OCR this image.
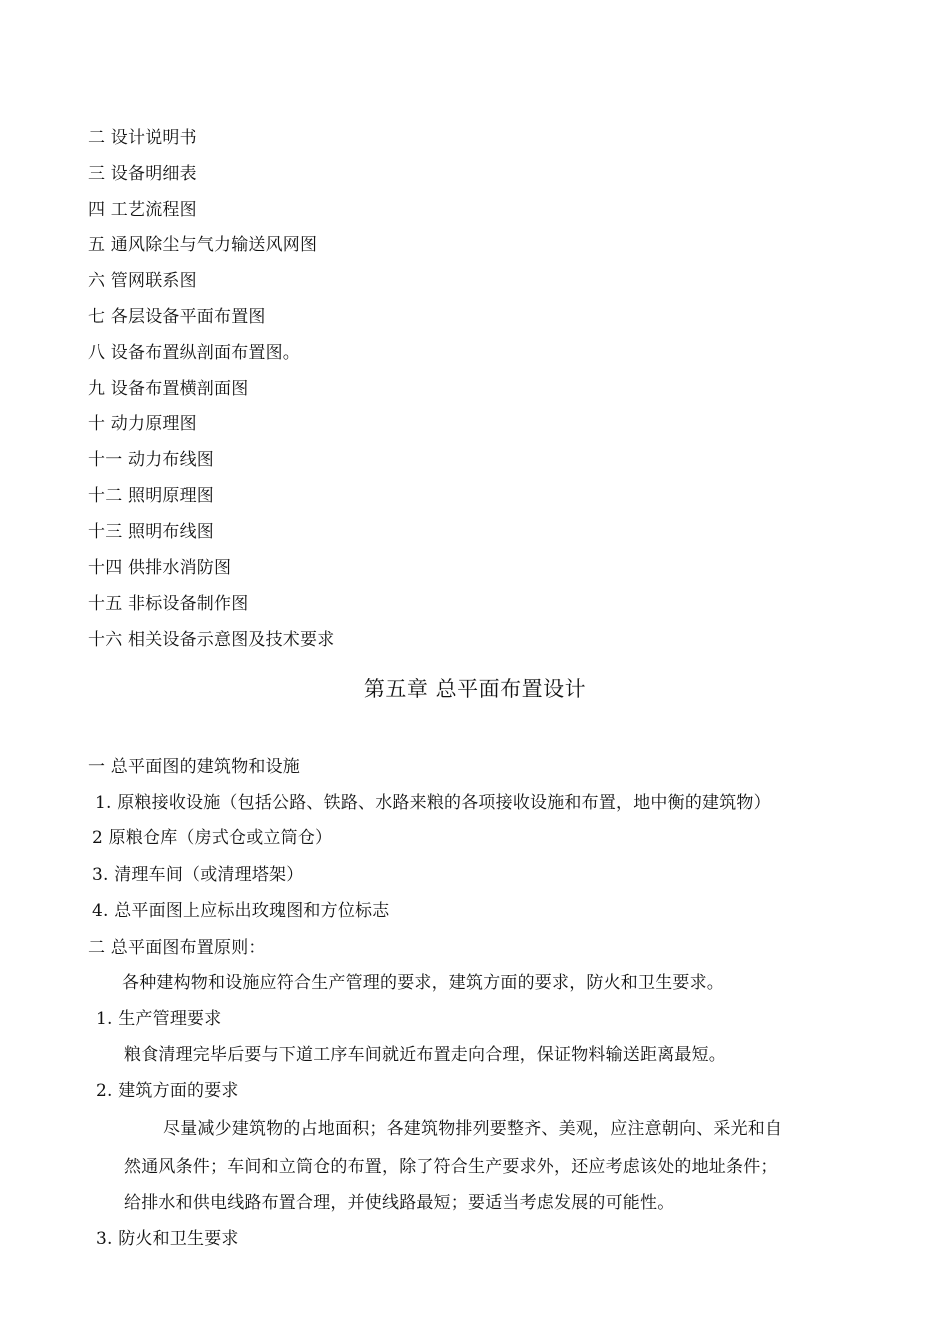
二 设计说明书
三 设备明细表
四 工艺流程图
五 通风除尘与气力输送风网图
六 管网联系图
七 各层设备平面布置图
八 设备布置纵剖面布置图。
九 设备布置横剖面图
十 动力原理图
十一 动力布线图
十二 照明原理图
十三 照明布线图
十四 供排水消防图
十五 非标设备制作图
十六 相关设备示意图及技术要求
第五章 总平面布置设计
一 总平面图的建筑物和设施
1. 原粮接收设施（包括公路、铁路、水路来粮的各项接收设施和布置，地中衡的建筑物）
2 原粮仓库（房式仓或立筒仓）
3. 清理车间（或清理塔架）
4. 总平面图上应标出玫瑰图和方位标志
二 总平面图布置原则：
各种建构物和设施应符合生产管理的要求，建筑方面的要求，防火和卫生要求。
1. 生产管理要求
粮食清理完毕后要与下道工序车间就近布置走向合理，保证物料输送距离最短。
2. 建筑方面的要求
尽量减少建筑物的占地面积；各建筑物排列要整齐、美观，应注意朝向、采光和自
然通风条件；车间和立筒仓的布置，除了符合生产要求外，还应考虑该处的地址条件；
给排水和供电线路布置合理，并使线路最短；要适当考虑发展的可能性。
3. 防火和卫生要求
